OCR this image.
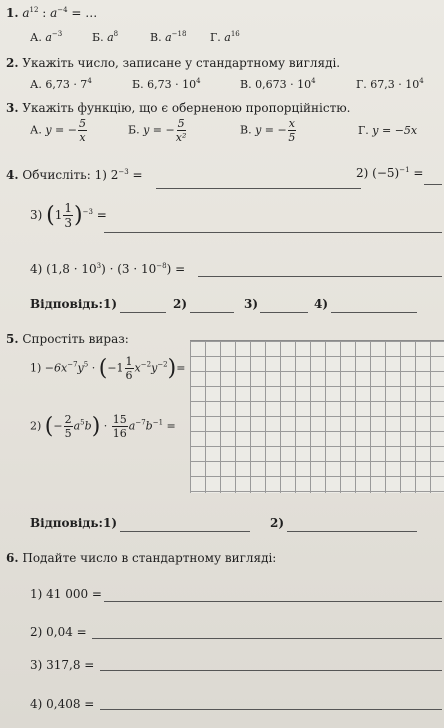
1. $a^{12}$ : $a^{-4}$ = …
А. $a^{-3}$	Б. $a^8$	В. $a^{-18}$ Г. $a^{16}$
2. Укажіть число, записане у стандартному вигляді.
А. $6,73 \cdot 7^4$	Б. $6,73 \cdot 10^4$	В. $0,673 \cdot 10^4$	Г. $67,3 \cdot 10^4$
3. Укажіть функцію, що є оберненою пропорційністю.
А. y = − $\frac{5}{x}$	Б. y = − $\frac{5}{\text{x²}}$	В. y = − $\frac{x}{5}$	Г. y = −5x
4. Обчисліть: 1) $2^{-3}$ =	2) $(-5)^{-1}$ =
3) $(1 \frac{1}{3} )^{-3}$ =
4) $(1,8 \cdot 10^3) \cdot (3 \cdot 10^{-8})$ =
Відповідь: 1)	2)	3)	4)
5. Спростіть вираз:
$1) -6x^{-7}y^5 \cdot (-1 \frac{1}{6} x^{-2}y^{-2})=$
2) (− $\frac{2}{5} a^5b) \cdot \frac{15}{16} a^{-7}b^{-1}$ =
Відповідь: 1)	2)
6. Подайте число в стандартному вигляді:
1) 41 000 =
2) 0,04 =
3) 317,8 =
4) 0,408 =
